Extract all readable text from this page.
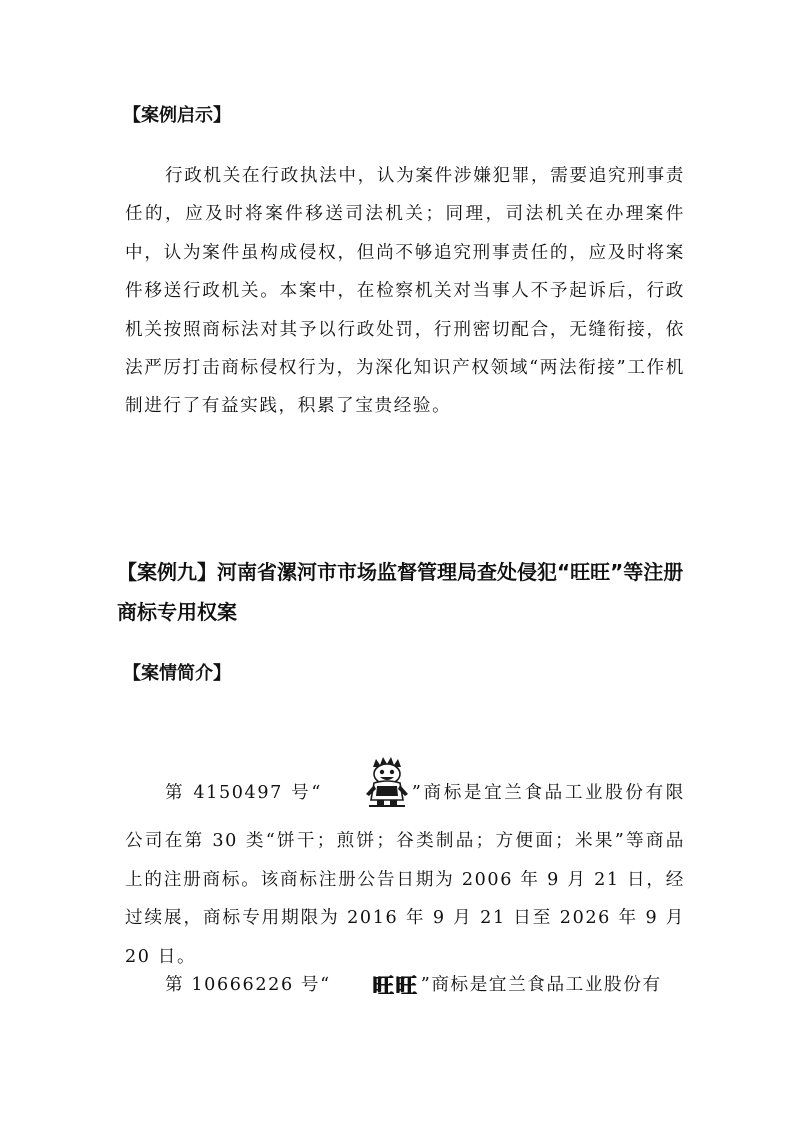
【案例启示】

行政机关在行政执法中，认为案件涉嫌犯罪，需要追究刑事责任的，应及时将案件移送司法机关；同理，司法机关在办理案件中，认为案件虽构成侵权，但尚不够追究刑事责任的，应及时将案件移送行政机关。本案中，在检察机关对当事人不予起诉后，行政机关按照商标法对其予以行政处罚，行刑密切配合，无缝衔接，依法严厉打击商标侵权行为，为深化知识产权领域“两法衔接”工作机制进行了有益实践，积累了宝贵经验。

【案例九】河南省漯河市市场监督管理局查处侵犯“旺旺”等注册商标专用权案
【案情简介】

第 4150497 号“	”商标是宜兰食品工业股份有限公司在第 30 类“饼干；煎饼；谷类制品；方便面；米果”等商品上的注册商标。该商标注册公告日期为 2006 年 9 月 21 日，经过续展，商标专用期限为 2016 年 9 月 21 日至 2026 年 9 月 20 日。

第 10666226 号“ 旺旺 ”商标是宜兰食品工业股份有
